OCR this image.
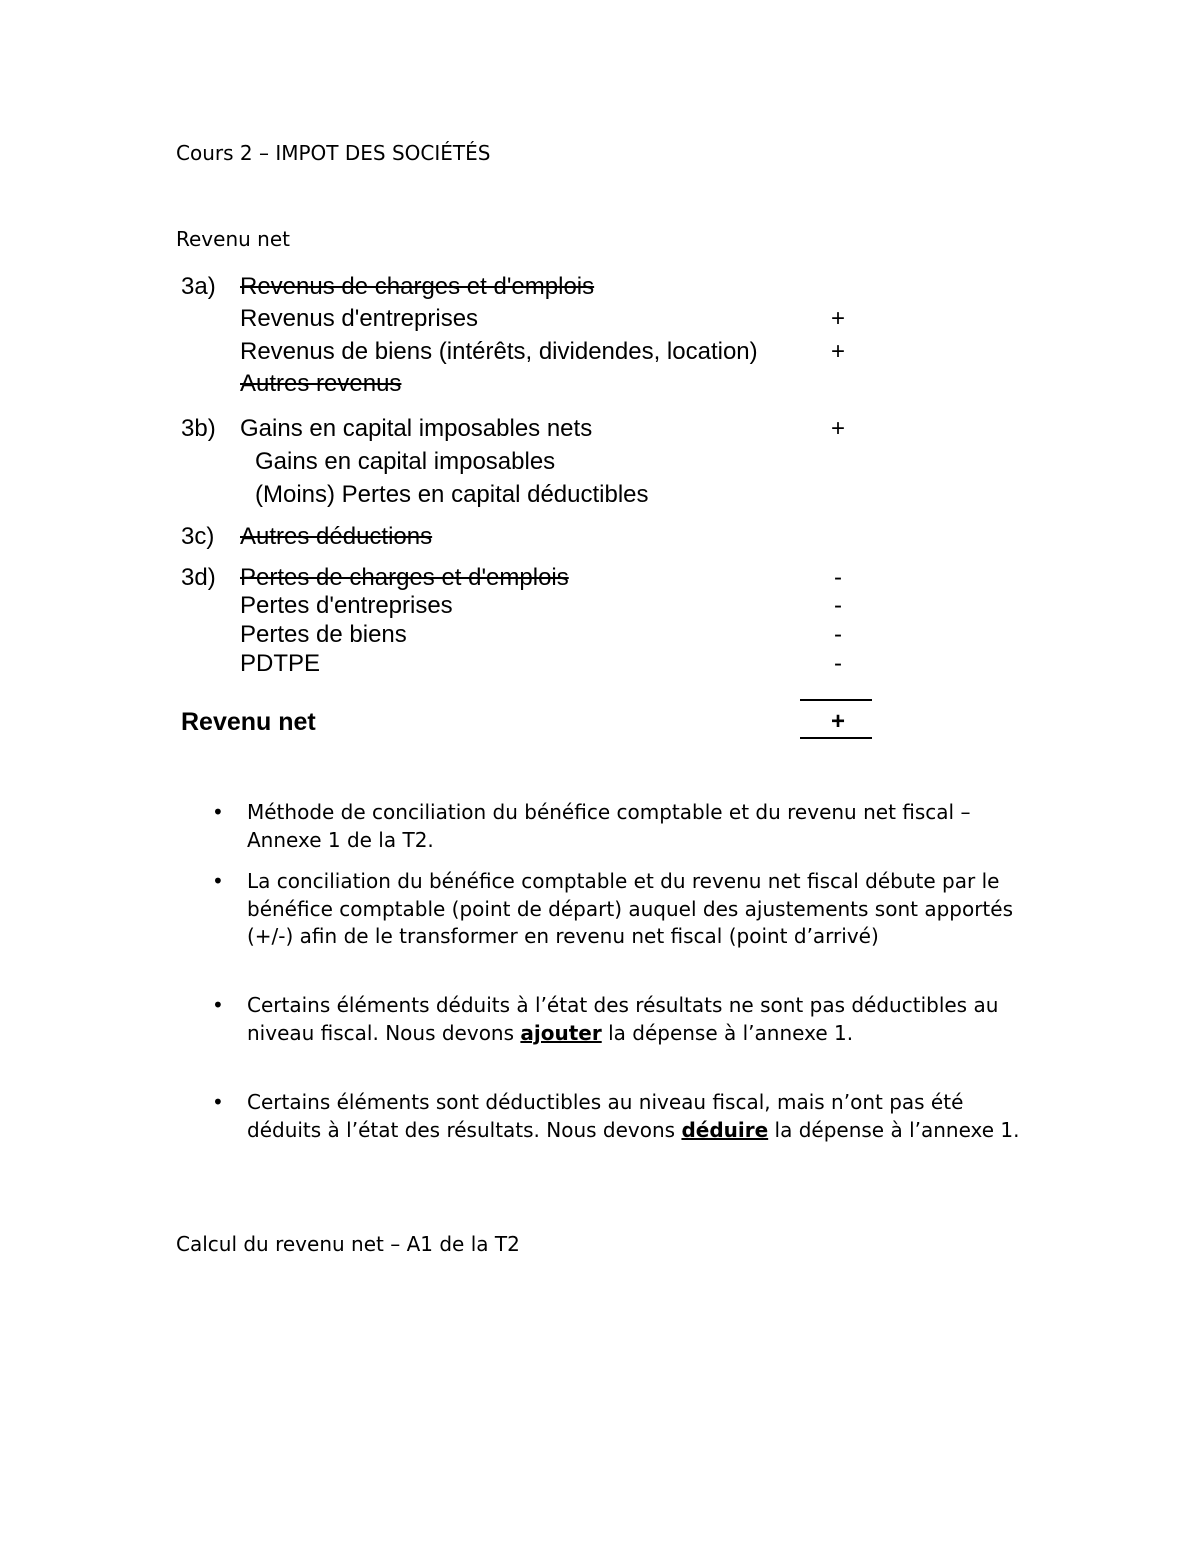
Cours 2 – IMPOT DES SOCIÉTÉS
Revenu net
3a) Revenus de charges et d'emplois
Revenus d'entreprises	+
Revenus de biens (intérêts, dividendes, location)	+
Autres revenus
3b) Gains en capital imposables nets	+
Gains en capital imposables
(Moins) Pertes en capital déductibles
3c) Autres déductions
3d) Pertes de charges et d'emplois	-
Pertes d'entreprises	-
Pertes de biens	-
PDTPE	-
Revenu net	+
• Méthode de conciliation du bénéfice comptable et du revenu net fiscal – Annexe 1 de la T2.
• La conciliation du bénéfice comptable et du revenu net fiscal débute par le bénéfice comptable (point de départ) auquel des ajustements sont apportés (+/-) afin de le transformer en revenu net fiscal (point d’arrivé)
• Certains éléments déduits à l’état des résultats ne sont pas déductibles au niveau fiscal. Nous devons ajouter la dépense à l’annexe 1.
• Certains éléments sont déductibles au niveau fiscal, mais n’ont pas été déduits à l’état des résultats. Nous devons déduire la dépense à l’annexe 1.
Calcul du revenu net – A1 de la T2
